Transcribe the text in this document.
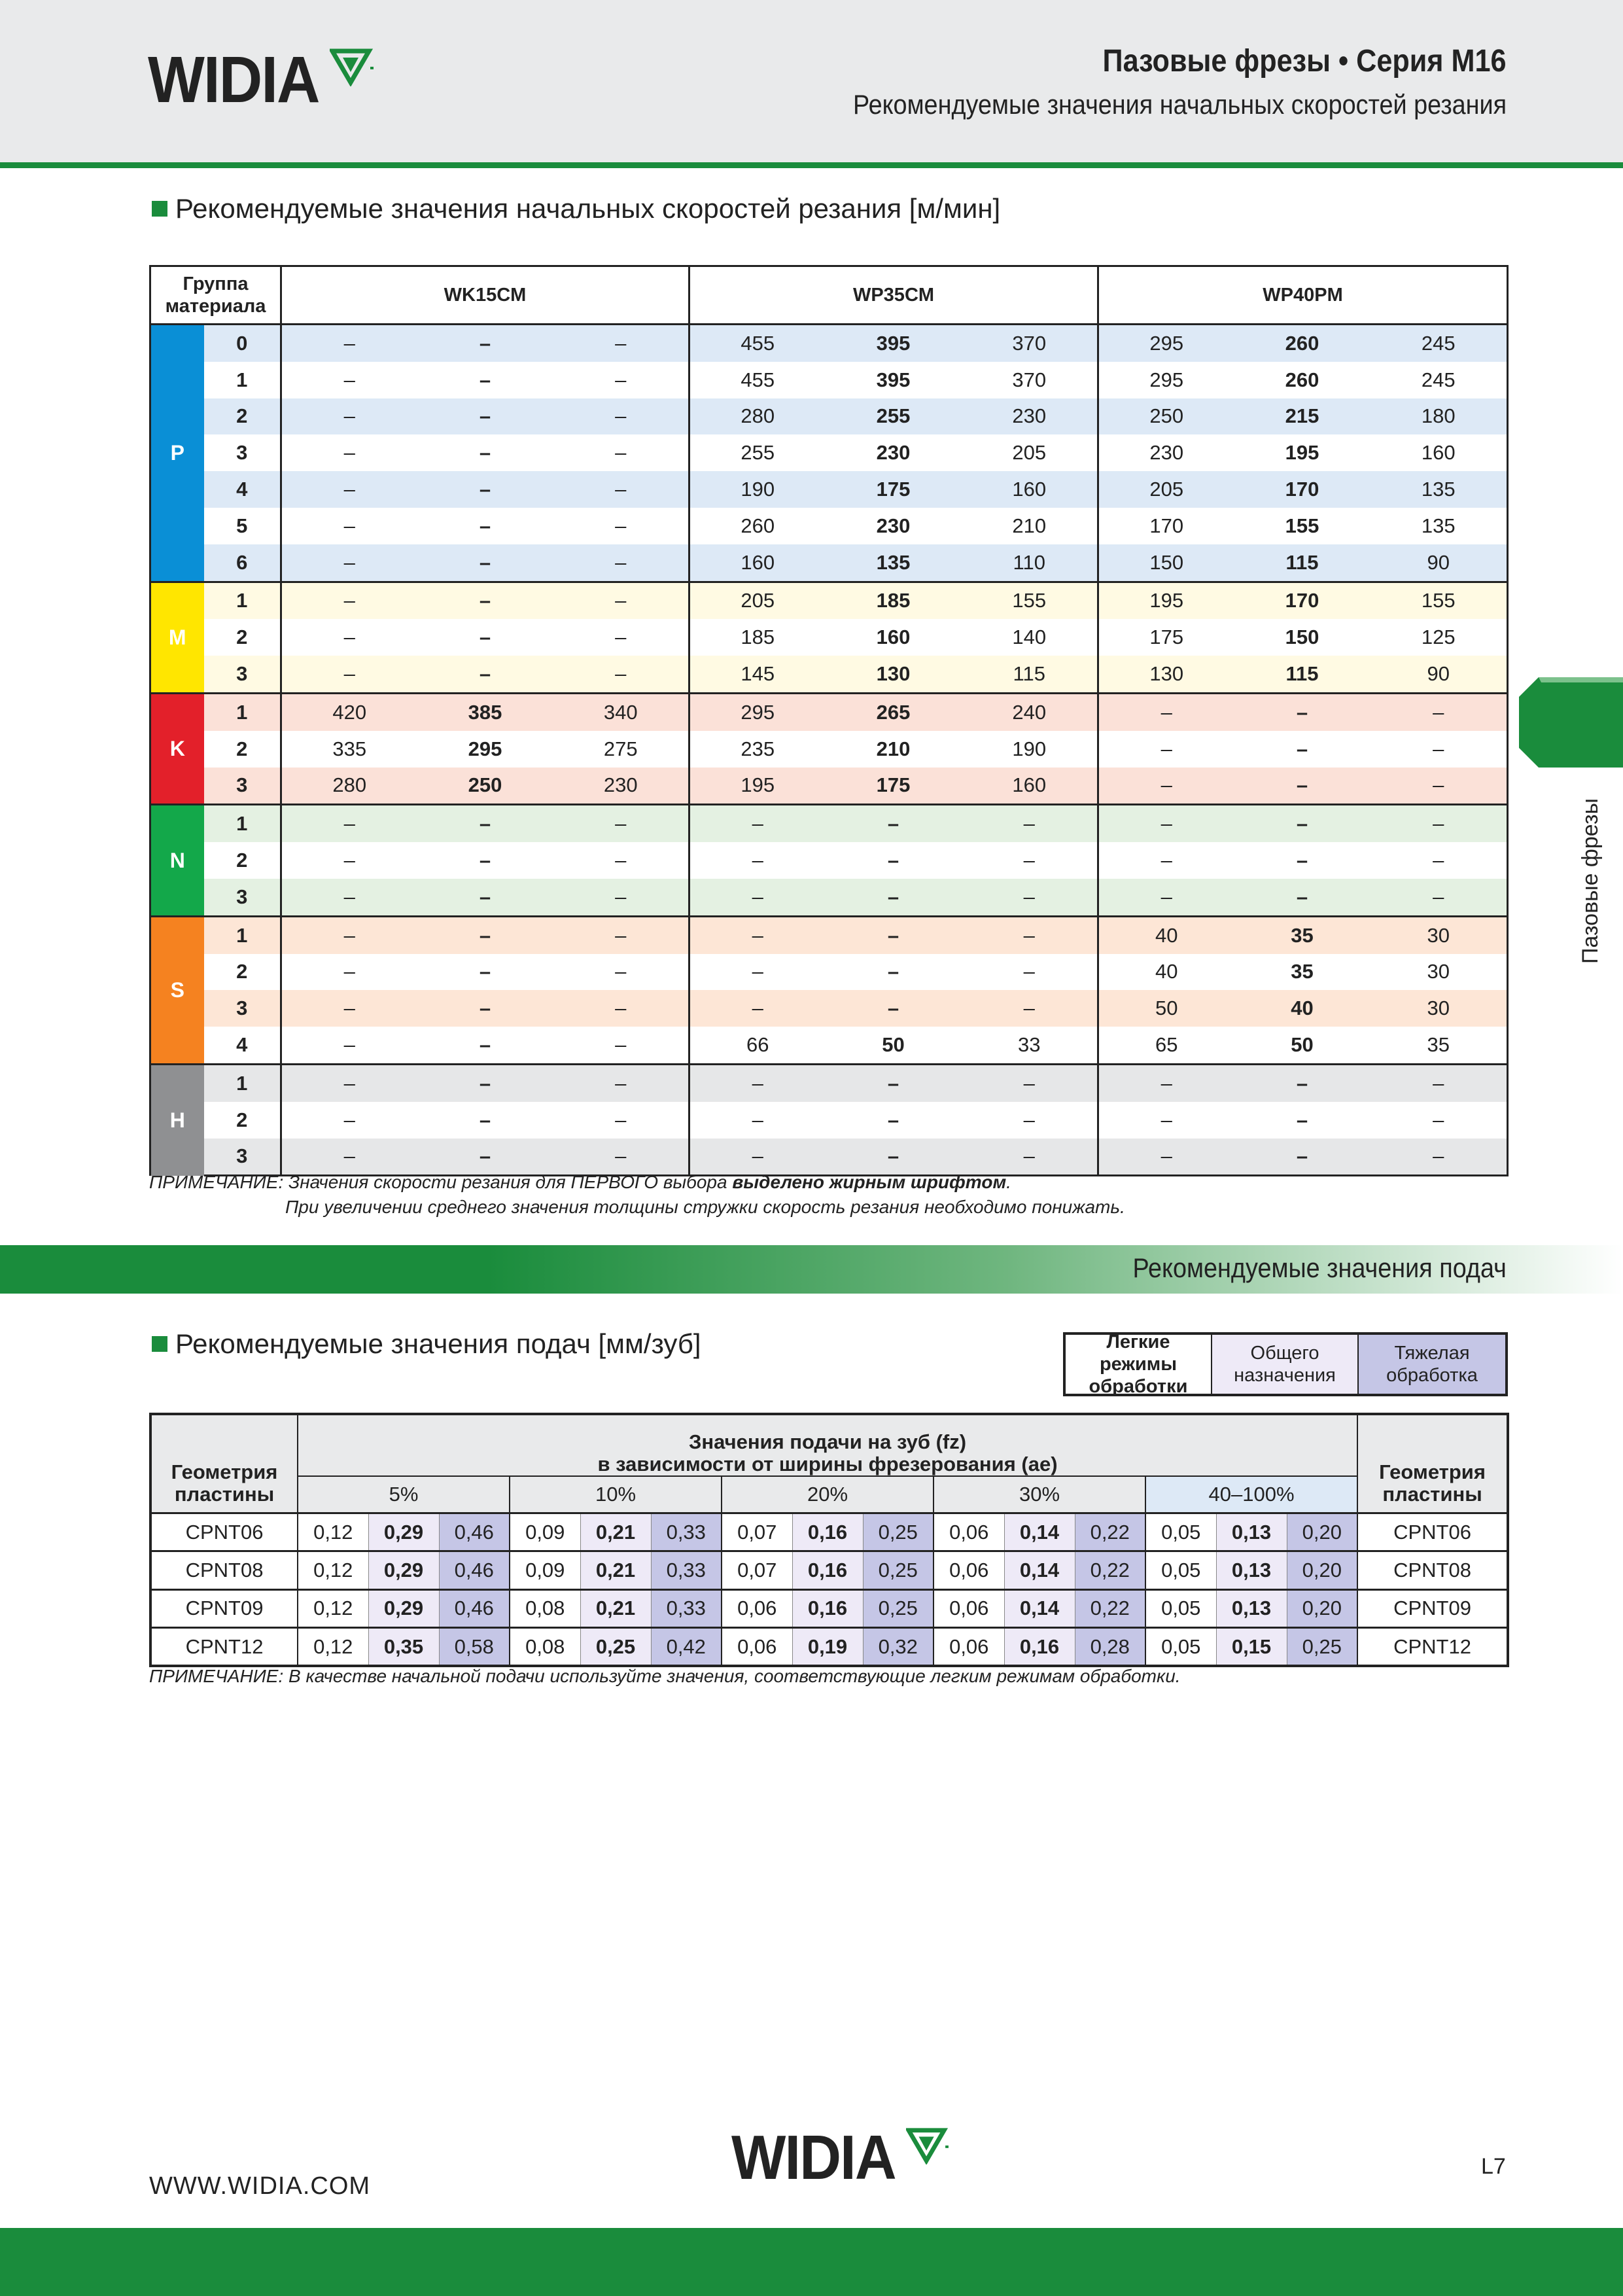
WIDIA	Пазовые фрезы • Серия M16
Рекомендуемые значения начальных скоростей резания
Пазовые фрезы
Рекомендуемые значения начальных скоростей резания [м/мин]
Группа материала		WK15CM			WP35CM			WP40PM		
P	0	–	–	–	455	395	370	295	260	245
	1	–	–	–	455	395	370	295	260	245
	2	–	–	–	280	255	230	250	215	180
	3	–	–	–	255	230	205	230	195	160
	4	–	–	–	190	175	160	205	170	135
	5	–	–	–	260	230	210	170	155	135
	6	–	–	–	160	135	110	150	115	90
M	1	–	–	–	205	185	155	195	170	155
	2	–	–	–	185	160	140	175	150	125
	3	–	–	–	145	130	115	130	115	90
K	1	420	385	340	295	265	240	–	–	–
	2	335	295	275	235	210	190	–	–	–
	3	280	250	230	195	175	160	–	–	–
N	1	–	–	–	–	–	–	–	–	–
	2	–	–	–	–	–	–	–	–	–
	3	–	–	–	–	–	–	–	–	–
S	1	–	–	–	–	–	–	40	35	30
	2	–	–	–	–	–	–	40	35	30
	3	–	–	–	–	–	–	50	40	30
	4	–	–	–	66	50	33	65	50	35
H	1	–	–	–	–	–	–	–	–	–
	2	–	–	–	–	–	–	–	–	–
	3	–	–	–	–	–	–	–	–	–
ПРИМЕЧАНИЕ: Значения скорости резания для ПЕРВОГО выбора выделено жирным шрифтом.
При увеличении среднего значения толщины стружки скорость резания необходимо понижать.
Рекомендуемые значения подач
Рекомендуемые значения подач [мм/зуб]	Легкие режимы обработки
Общего назначения
Тяжелая обработка
Геометрия пластины	Значения подачи на зуб (fz)
в зависимости от ширины фрезерования (ae)															Геометрия пластины
	5%			10%			20%			30%			40–100%			
CPNT06	0,12	0,29	0,46	0,09	0,21	0,33	0,07	0,16	0,25	0,06	0,14	0,22	0,05	0,13	0,20	CPNT06
CPNT08	0,12	0,29	0,46	0,09	0,21	0,33	0,07	0,16	0,25	0,06	0,14	0,22	0,05	0,13	0,20	CPNT08
CPNT09	0,12	0,29	0,46	0,08	0,21	0,33	0,06	0,16	0,25	0,06	0,14	0,22	0,05	0,13	0,20	CPNT09
CPNT12	0,12	0,35	0,58	0,08	0,25	0,42	0,06	0,19	0,32	0,06	0,16	0,28	0,05	0,15	0,25	CPNT12
ПРИМЕЧАНИЕ: В качестве начальной подачи используйте значения, соответствующие легким режимам обработки.
WWW.WIDIA.COM	WIDIA	L7
